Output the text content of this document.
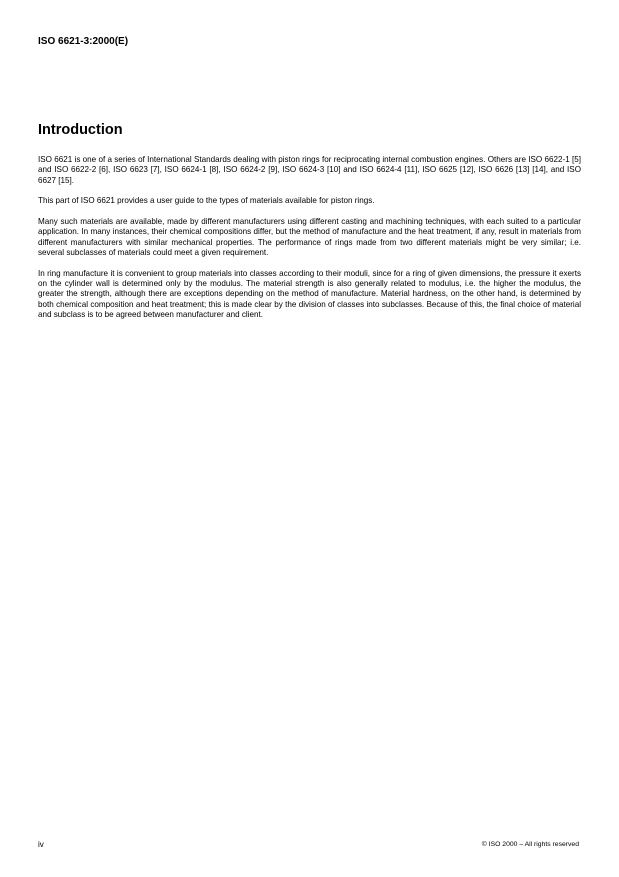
ISO 6621-3:2000(E)
Introduction

ISO 6621 is one of a series of International Standards dealing with piston rings for reciprocating internal combustion engines. Others are ISO 6622-1 [5] and ISO 6622-2 [6], ISO 6623 [7], ISO 6624-1 [8], ISO 6624-2 [9], ISO 6624-3 [10] and ISO 6624-4 [11], ISO 6625 [12], ISO 6626 [13] [14], and ISO 6627 [15].

This part of ISO 6621 provides a user guide to the types of materials available for piston rings.

Many such materials are available, made by different manufacturers using different casting and machining techniques, with each suited to a particular application. In many instances, their chemical compositions differ, but the method of manufacture and the heat treatment, if any, result in materials from different manufacturers with similar mechanical properties. The performance of rings made from two different materials might be very similar; i.e. several subclasses of materials could meet a given requirement.

In ring manufacture it is convenient to group materials into classes according to their moduli, since for a ring of given dimensions, the pressure it exerts on the cylinder wall is determined only by the modulus. The material strength is also generally related to modulus, i.e. the higher the modulus, the greater the strength, although there are exceptions depending on the method of manufacture. Material hardness, on the other hand, is determined by both chemical composition and heat treatment; this is made clear by the division of classes into subclasses. Because of this, the final choice of material and subclass is to be agreed between manufacturer and client.

iv	© ISO 2000 – All rights reserved
